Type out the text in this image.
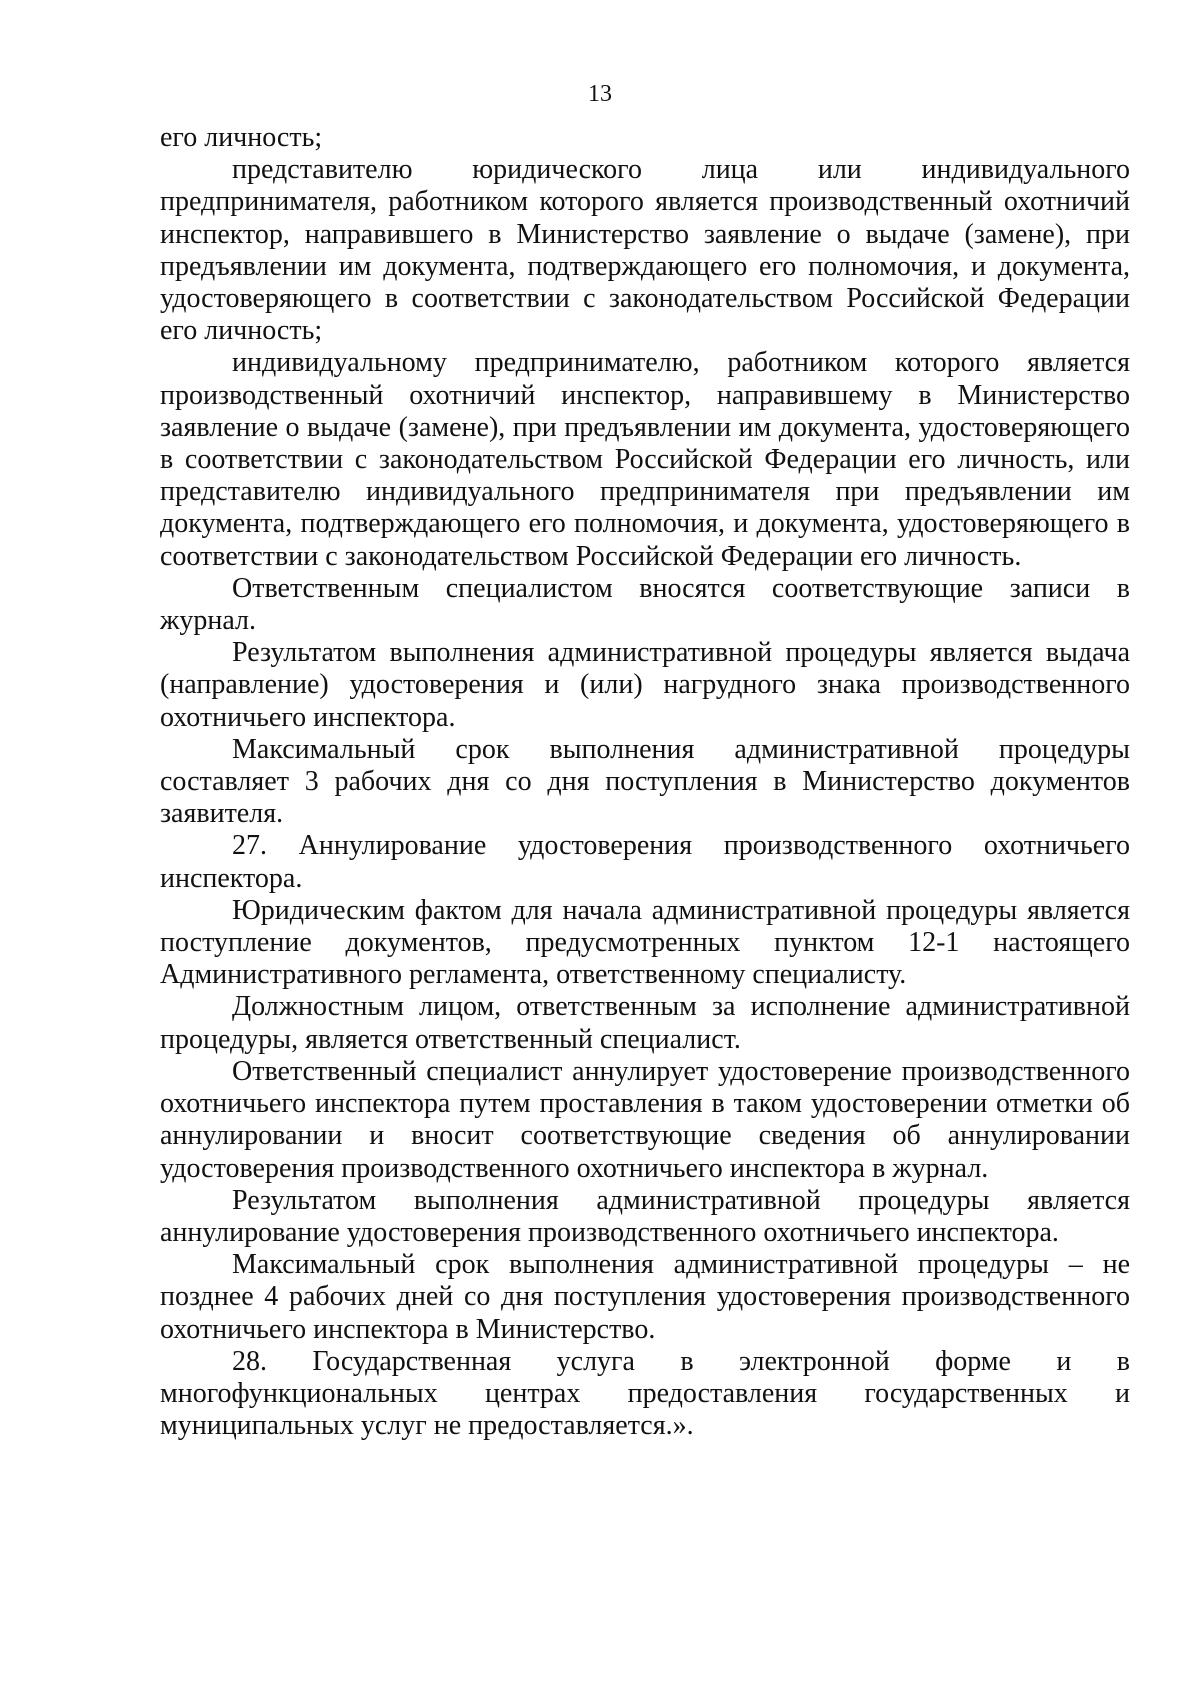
13

его личность;

представителю юридического лица или индивидуального предпринимателя, работником которого является производственный охотничий инспектор, направившего в Министерство заявление о выдаче (замене), при предъявлении им документа, подтверждающего его полномочия, и документа, удостоверяющего в соответствии с законодательством Российской Федерации его личность;

индивидуальному предпринимателю, работником которого является производственный охотничий инспектор, направившему в Министерство заявление о выдаче (замене), при предъявлении им документа, удостоверяющего в соответствии с законодательством Российской Федерации его личность, или представителю индивидуального предпринимателя при предъявлении им документа, подтверждающего его полномочия, и документа, удостоверяющего в соответствии с законодательством Российской Федерации его личность.

Ответственным специалистом вносятся соответствующие записи в журнал.

Результатом выполнения административной процедуры является выдача (направление) удостоверения и (или) нагрудного знака производственного охотничьего инспектора.

Максимальный срок выполнения административной процедуры составляет 3 рабочих дня со дня поступления в Министерство документов заявителя.

27. Аннулирование удостоверения производственного охотничьего инспектора.

Юридическим фактом для начала административной процедуры является поступление документов, предусмотренных пунктом 12-1 настоящего Административного регламента, ответственному специалисту.

Должностным лицом, ответственным за исполнение административной процедуры, является ответственный специалист.

Ответственный специалист аннулирует удостоверение производственного охотничьего инспектора путем проставления в таком удостоверении отметки об аннулировании и вносит соответствующие сведения об аннулировании удостоверения производственного охотничьего инспектора в журнал.

Результатом выполнения административной процедуры является аннулирование удостоверения производственного охотничьего инспектора.

Максимальный срок выполнения административной процедуры – не позднее 4 рабочих дней со дня поступления удостоверения производственного охотничьего инспектора в Министерство.

28. Государственная услуга в электронной форме и в многофункциональных центрах предоставления государственных и муниципальных услуг не предоставляется.».
